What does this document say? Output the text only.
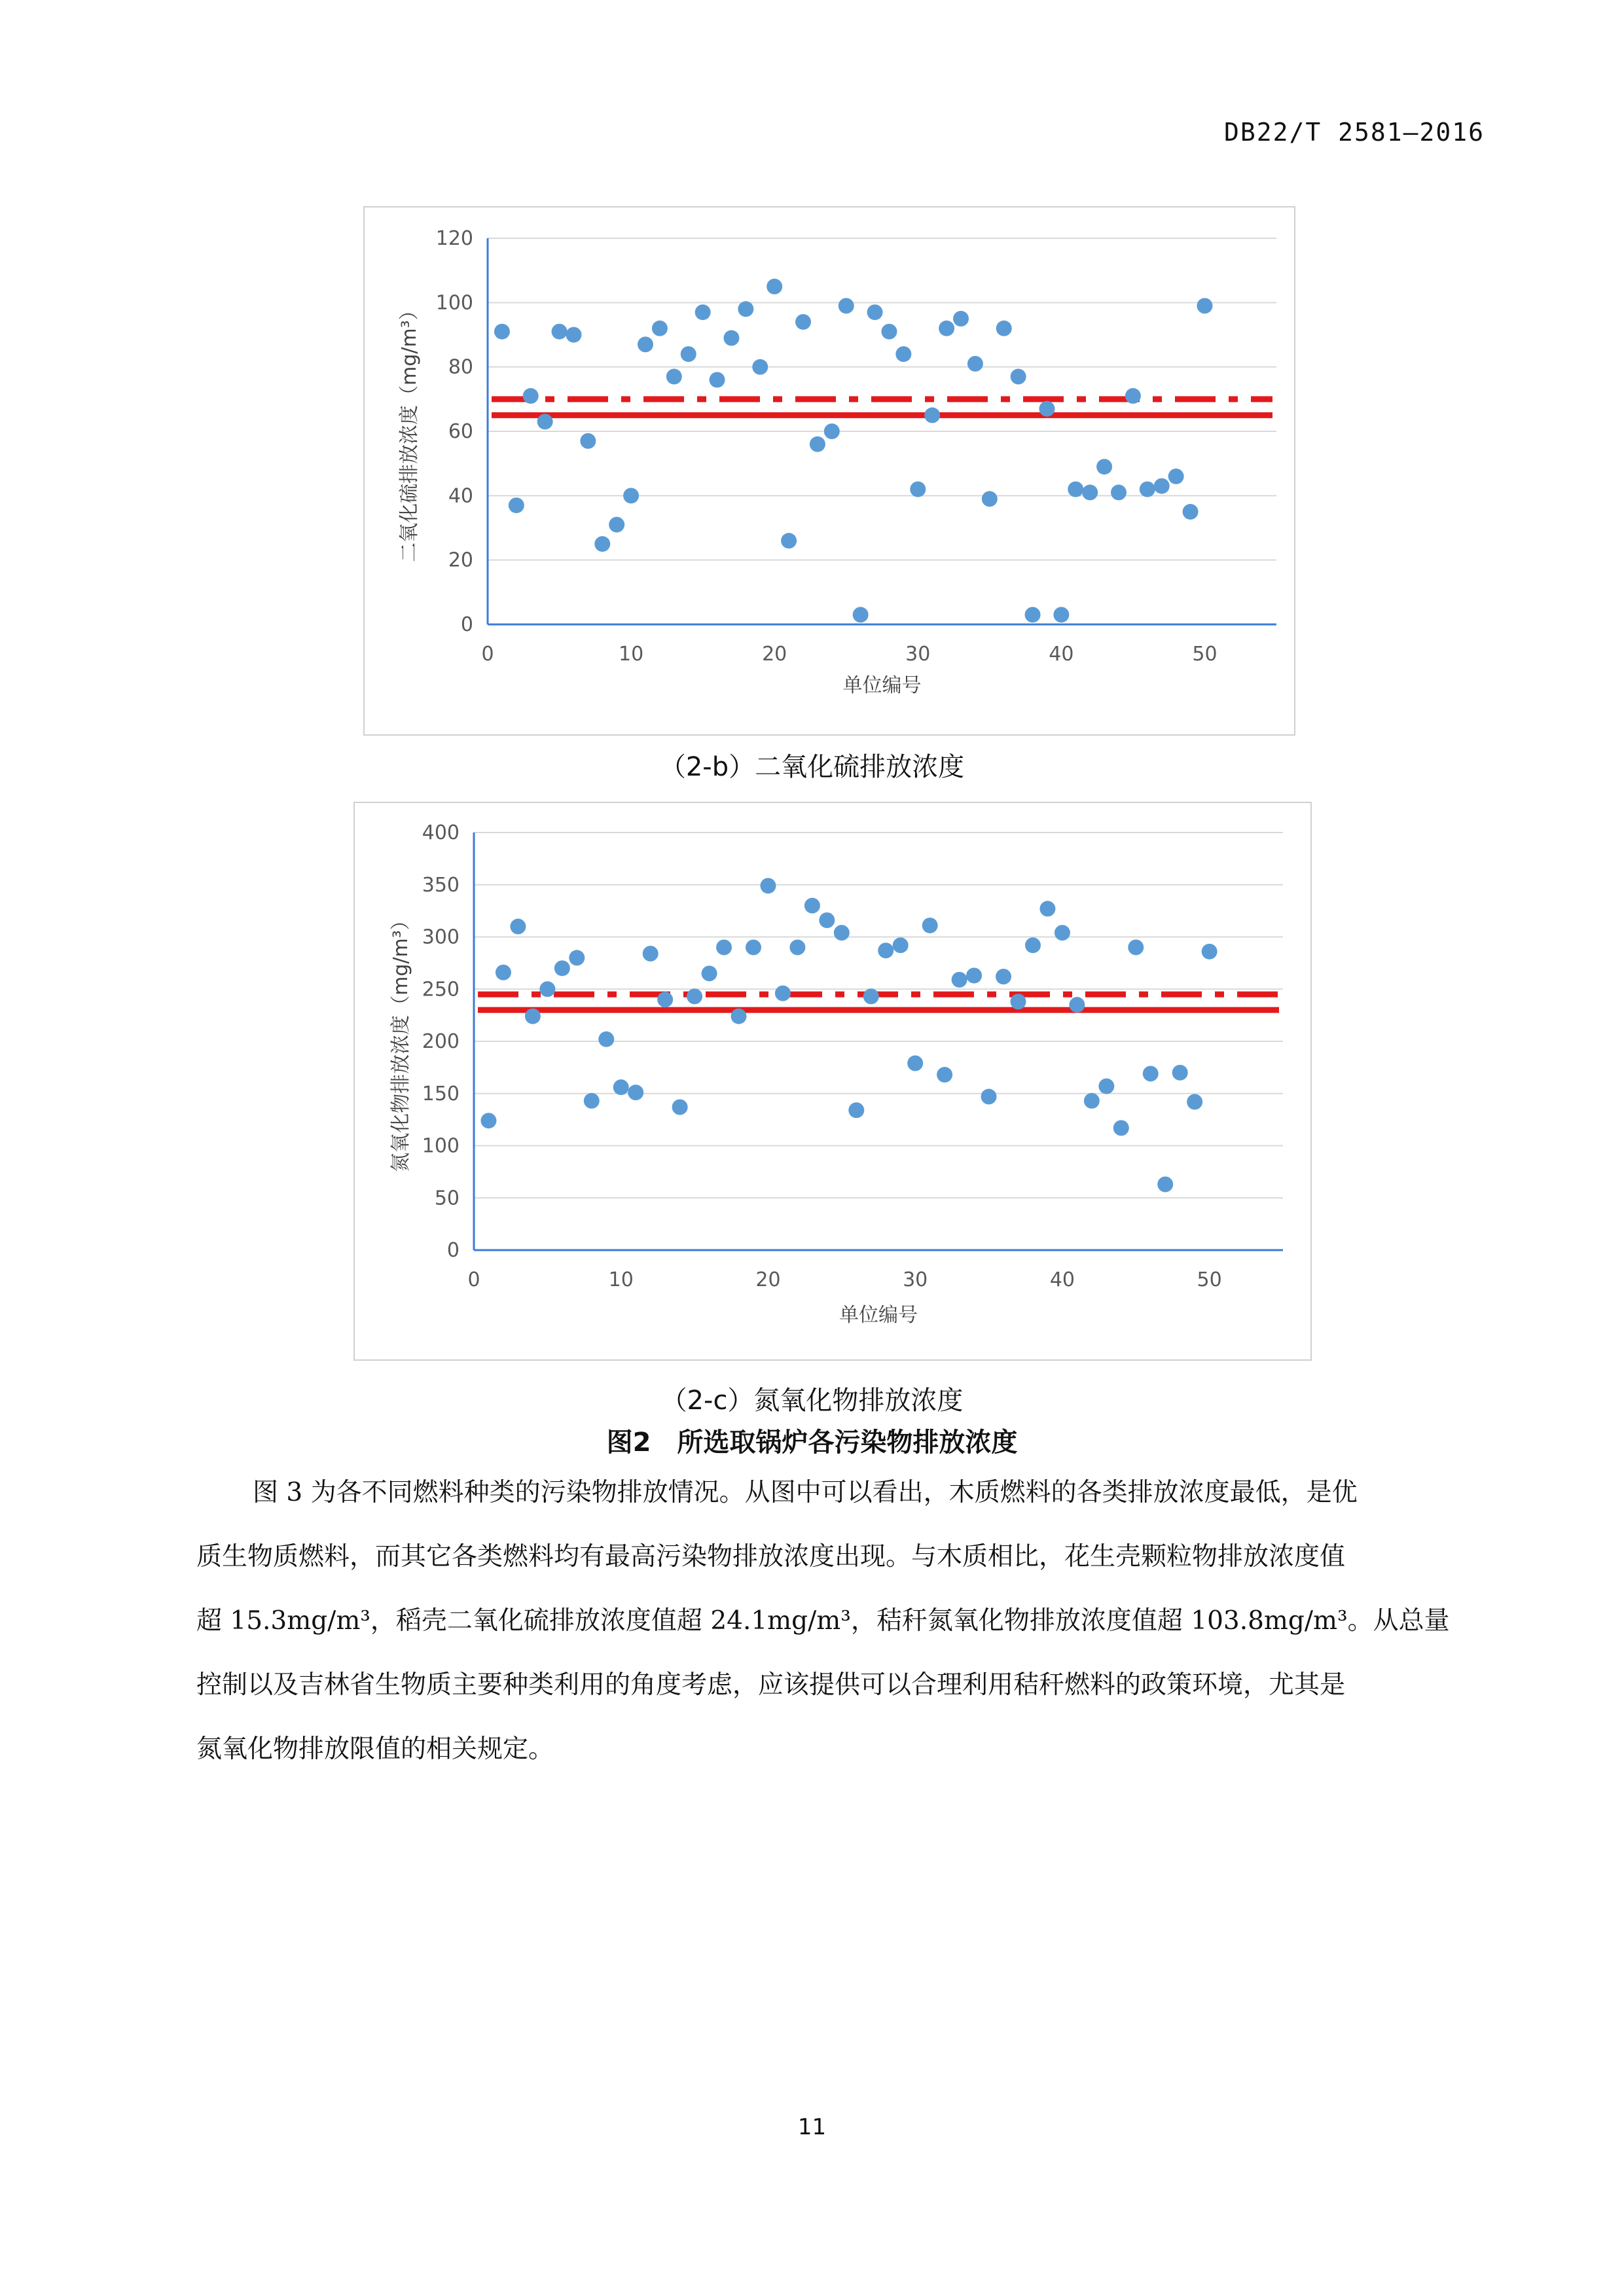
DB22/T 2581—2016
0
20
40
60
80
100
120
0	10	20	30	40	50
单位编号
二氧化硫排放浓度（mg/m³）
（2-b）二氧化硫排放浓度
0
50
100
150
200
250
300
350
400
0	10	20	30	40	50
单位编号
氮氧化物排放浓度（mg/m³）
（2-c）氮氧化物排放浓度
图2　所选取锅炉各污染物排放浓度
图 3 为各不同燃料种类的污染物排放情况。从图中可以看出，木质燃料的各类排放浓度最低，是优
质生物质燃料，而其它各类燃料均有最高污染物排放浓度出现。与木质相比，花生壳颗粒物排放浓度值
超 15.3mg/m³，稻壳二氧化硫排放浓度值超 24.1mg/m³，秸秆氮氧化物排放浓度值超 103.8mg/m³。从总量
控制以及吉林省生物质主要种类利用的角度考虑，应该提供可以合理利用秸秆燃料的政策环境，尤其是
氮氧化物排放限值的相关规定。
11
